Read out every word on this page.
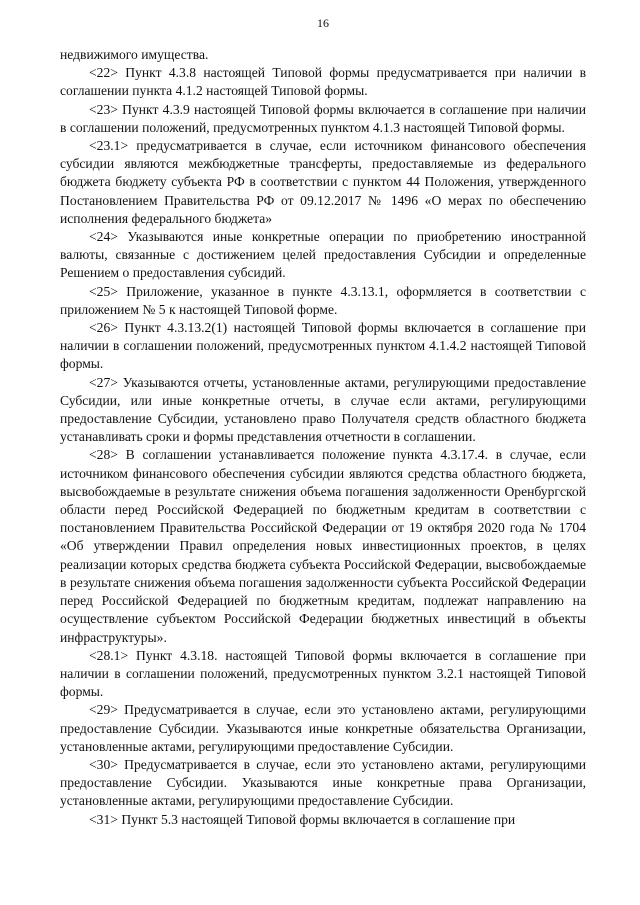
16

недвижимого имущества.

<22> Пункт 4.3.8 настоящей Типовой формы предусматривается при наличии в соглашении пункта 4.1.2 настоящей Типовой формы.

<23> Пункт 4.3.9 настоящей Типовой формы включается в соглашение при наличии в соглашении положений, предусмотренных пунктом 4.1.3 настоящей Типовой формы.

<23.1> предусматривается в случае, если источником финансового обеспечения субсидии являются межбюджетные трансферты, предоставляемые из федерального бюджета бюджету субъекта РФ в соответствии с пунктом 44 Положения, утвержденного Постановлением Правительства РФ от 09.12.2017 № 1496 «О мерах по обеспечению исполнения федерального бюджета»

<24> Указываются иные конкретные операции по приобретению иностранной валюты, связанные с достижением целей предоставления Субсидии и определенные Решением о предоставления субсидий.

<25> Приложение, указанное в пункте 4.3.13.1, оформляется в соответствии с приложением № 5 к настоящей Типовой форме.

<26> Пункт 4.3.13.2(1) настоящей Типовой формы включается в соглашение при наличии в соглашении положений, предусмотренных пунктом 4.1.4.2 настоящей Типовой формы.

<27> Указываются отчеты, установленные актами, регулирующими предоставление Субсидии, или иные конкретные отчеты, в случае если актами, регулирующими предоставление Субсидии, установлено право Получателя средств областного бюджета устанавливать сроки и формы представления отчетности в соглашении.

<28> В соглашении устанавливается положение пункта 4.3.17.4. в случае, если источником финансового обеспечения субсидии являются средства областного бюджета, высвобождаемые в результате снижения объема погашения задолженности Оренбургской области перед Российской Федерацией по бюджетным кредитам в соответствии с постановлением Правительства Российской Федерации от 19 октября 2020 года № 1704 «Об утверждении Правил определения новых инвестиционных проектов, в целях реализации которых средства бюджета субъекта Российской Федерации, высвобождаемые в результате снижения объема погашения задолженности субъекта Российской Федерации перед Российской Федерацией по бюджетным кредитам, подлежат направлению на осуществление субъектом Российской Федерации бюджетных инвестиций в объекты инфраструктуры».

<28.1> Пункт 4.3.18. настоящей Типовой формы включается в соглашение при наличии в соглашении положений, предусмотренных пунктом 3.2.1 настоящей Типовой формы.

<29> Предусматривается в случае, если это установлено актами, регулирующими предоставление Субсидии. Указываются иные конкретные обязательства Организации, установленные актами, регулирующими предоставление Субсидии.

<30> Предусматривается в случае, если это установлено актами, регулирующими предоставление Субсидии. Указываются иные конкретные права Организации, установленные актами, регулирующими предоставление Субсидии.

<31> Пункт 5.3 настоящей Типовой формы включается в соглашение при
